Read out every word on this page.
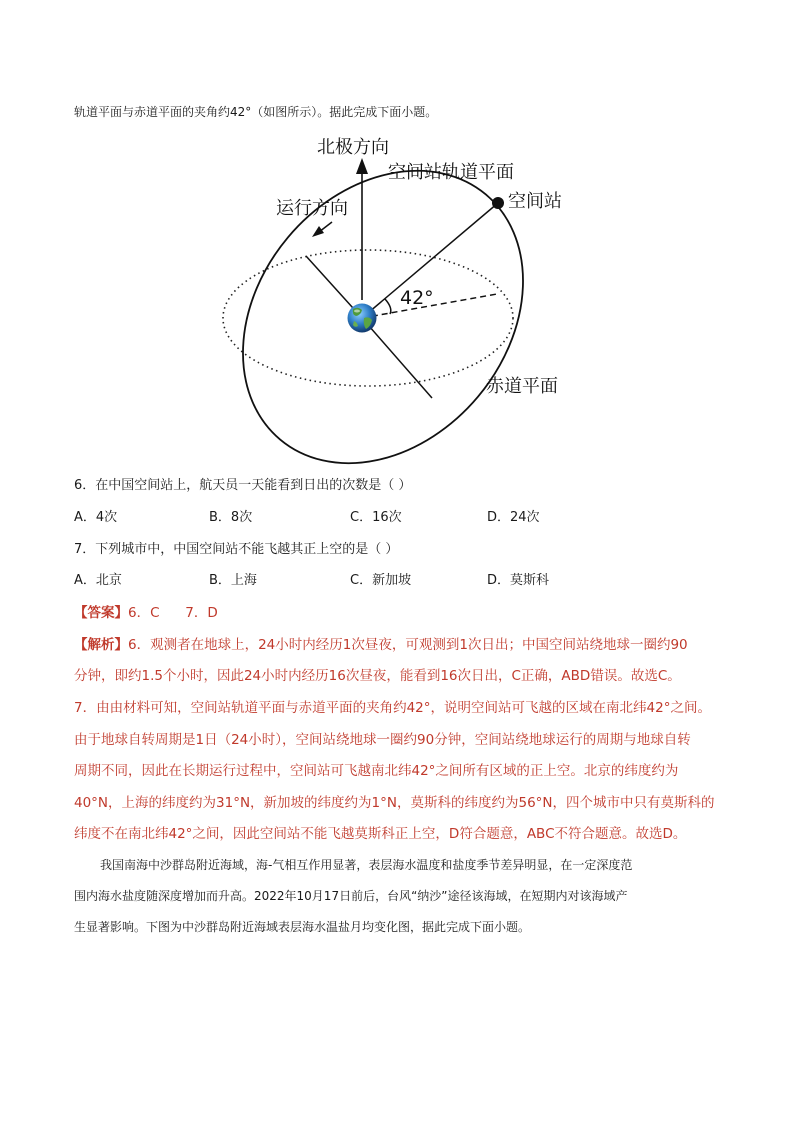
轨道平面与赤道平面的夹角约42°（如图所示）。据此完成下面小题。
北极方向
空间站轨道平面
空间站
运行方向
42°
赤道平面
6．在中国空间站上，航天员一天能看到日出的次数是（ ）
A．4次	B．8次	C．16次	D．24次
7．下列城市中，中国空间站不能飞越其正上空的是（ ）
A．北京	B．上海	C．新加坡	D．莫斯科
【答案】6．C      7．D
【解析】6．观测者在地球上，24小时内经历1次昼夜，可观测到1次日出；中国空间站绕地球一圈约90
分钟，即约1.5个小时，因此24小时内经历16次昼夜，能看到16次日出，C正确，ABD错误。故选C。
7．由由材料可知，空间站轨道平面与赤道平面的夹角约42°，说明空间站可飞越的区域在南北纬42°之间。
由于地球自转周期是1日（24小时），空间站绕地球一圈约90分钟，空间站绕地球运行的周期与地球自转
周期不同，因此在长期运行过程中，空间站可飞越南北纬42°之间所有区域的正上空。北京的纬度约为
40°N，上海的纬度约为31°N，新加坡的纬度约为1°N，莫斯科的纬度约为56°N，四个城市中只有莫斯科的
纬度不在南北纬42°之间，因此空间站不能飞越莫斯科正上空，D符合题意，ABC不符合题意。故选D。
我国南海中沙群岛附近海域，海-气相互作用显著，表层海水温度和盐度季节差异明显，在一定深度范
围内海水盐度随深度增加而升高。2022年10月17日前后，台风“纳沙”途径该海域，在短期内对该海域产
生显著影响。下图为中沙群岛附近海域表层海水温盐月均变化图，据此完成下面小题。
